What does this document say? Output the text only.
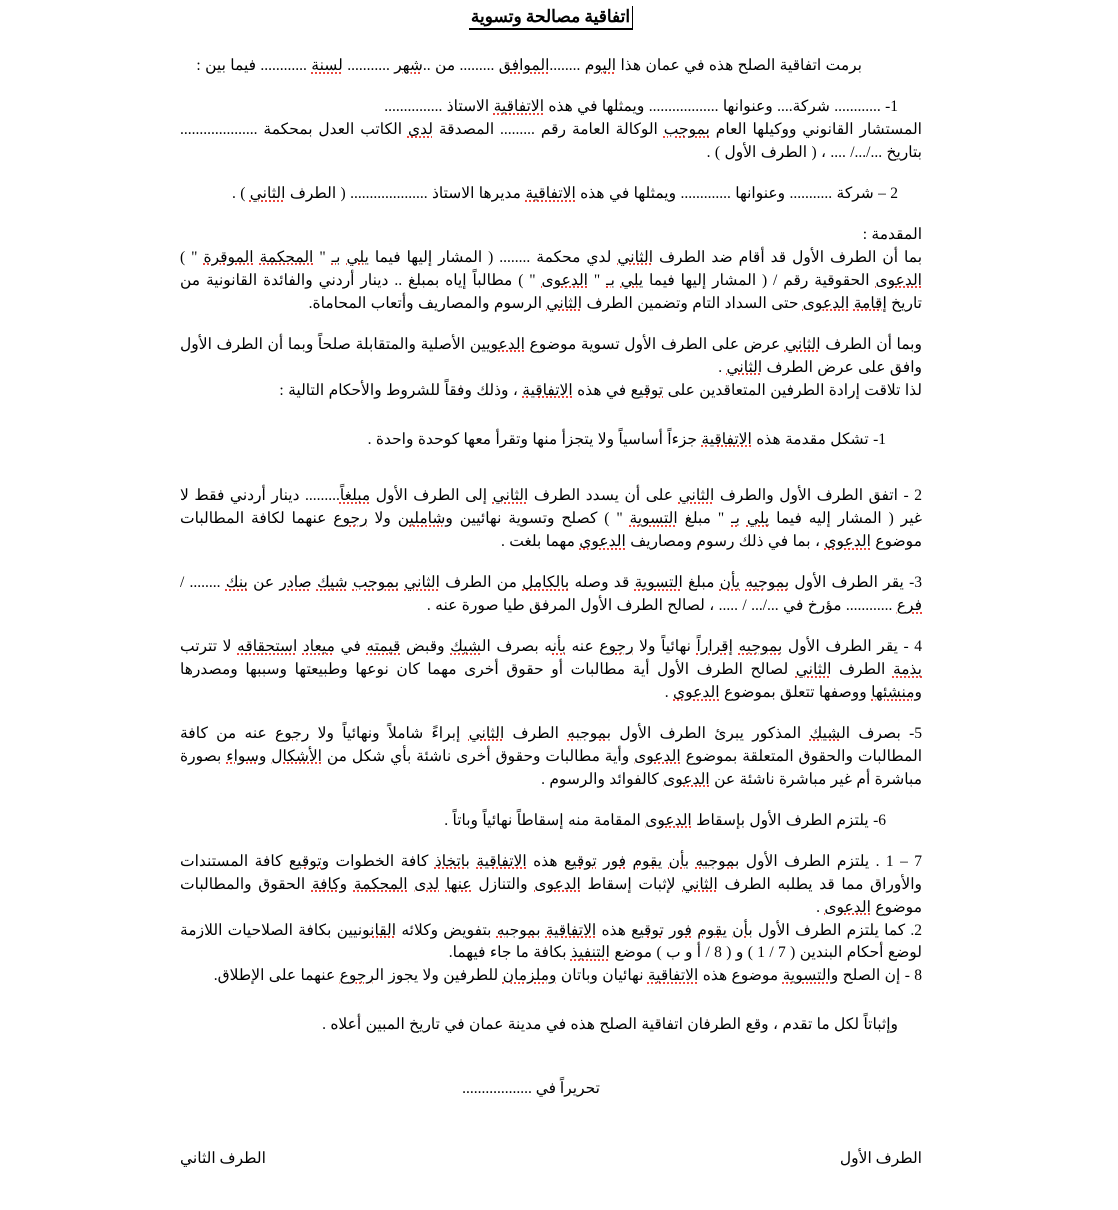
اتفاقية مصالحة وتسوية

برمت اتفاقية الصلح هذه في عمان هذا اليوم ........الموافق ......... من ..شهر ........... لسنة ............ فيما بين :

1- ............ شركة.... وعنوانها .................. ويمثلها في هذه الاتفاقية الاستاذ ...............

المستشار القانوني ووكيلها العام بموجب الوكالة العامة رقم ......... المصدقة لدى الكاتب العدل بمحكمة .................... بتاريخ .../.../ .... ، ( الطرف الأول ) .

2 – شركة ........... وعنوانها ............. ويمثلها في هذه الاتفاقية مديرها الاستاذ .................... ( الطرف الثاني ) .

المقدمة :

بما أن الطرف الأول قد أقام ضد الطرف الثاني لدي محكمة ........ ( المشار إليها فيما يلي بـ " المحكمة الموقرة " ) الدعوى الحقوقية رقم / ( المشار إليها فيما يلي بـ " الدعوى " ) مطالباً إياه بمبلغ .. دينار أردني والفائدة القانونية من تاريخ إقامة الدعوى حتى السداد التام وتضمين الطرف الثاني الرسوم والمصاريف وأتعاب المحاماة.

وبما أن الطرف الثاني عرض على الطرف الأول تسوية موضوع الدعويين الأصلية والمتقابلة صلحاً وبما أن الطرف الأول وافق على عرض الطرف الثاني .

لذا تلاقت إرادة الطرفين المتعاقدين على توقيع في هذه الاتفاقية ، وذلك وفقاً للشروط والأحكام التالية :

1- تشكل مقدمة هذه الاتفاقية جزءاً أساسياً ولا يتجزأ منها وتقرأ معها كوحدة واحدة .

2 - اتفق الطرف الأول والطرف الثاني على أن يسدد الطرف الثاني إلى الطرف الأول مبلغاً......... دينار أردني فقط لا غير ( المشار إليه فيما يلي بـ " مبلغ التسوية " ) كصلح وتسوية نهائيين وشاملين ولا رجوع عنهما لكافة المطالبات موضوع الدعوى ، بما في ذلك رسوم ومصاريف الدعوى مهما بلغت .

3- يقر الطرف الأول بموجبه بأن مبلغ التسوية قد وصله بالكامل من الطرف الثاني بموجب شيك صادر عن بنك ........ / فرع ............ مؤرخ في .../... / ..... ، لصالح الطرف الأول المرفق طيا صورة عنه .

4 - يقر الطرف الأول بموجبه إقراراً نهائياً ولا رجوع عنه بأنه بصرف الشيك وقبض قيمته في ميعاد استحقاقه لا تترتب بذمة الطرف الثاني لصالح الطرف الأول أية مطالبات أو حقوق أخرى مهما كان نوعها وطبيعتها وسببها ومصدرها ومنشئها ووصفها تتعلق بموضوع الدعوى .

5- بصرف الشيك المذكور يبرئ الطرف الأول بموجبه الطرف الثاني إبراءً شاملاً ونهائياً ولا رجوع عنه من كافة المطالبات والحقوق المتعلقة بموضوع الدعوى وأية مطالبات وحقوق أخرى ناشئة بأي شكل من الأشكال وسواء بصورة مباشرة أم غير مباشرة ناشئة عن الدعوى كالفوائد والرسوم .

6- يلتزم الطرف الأول بإسقاط الدعوى المقامة منه إسقاطاً نهائياً وباتاً .

7 – 1 . يلتزم الطرف الأول بموجبه بأن يقوم فور توقيع هذه الاتفاقية باتخاذ كافة الخطوات وتوقيع كافة المستندات والأوراق مما قد يطلبه الطرف الثاني لإثبات إسقاط الدعوى والتنازل عنها لدى المحكمة وكافة الحقوق والمطالبات موضوع الدعوى .

2. كما يلتزم الطرف الأول بأن يقوم فور توقيع هذه الاتفاقية بموجبه بتفويض وكلائه القانونيين بكافة الصلاحيات اللازمة لوضع أحكام البندين ( 7 / 1 ) و ( 8 / أ و ب ) موضع التنفيذ بكافة ما جاء فيهما.

8 - إن الصلح والتسوية موضوع هذه الاتفاقية نهائيان وباتان وملزمان للطرفين ولا يجوز الرجوع عنهما على الإطلاق.

وإثباتاً لكل ما تقدم ، وقع الطرفان اتفاقية الصلح هذه في مدينة عمان في تاريخ المبين أعلاه .

تحريراً في ..................

الطرف الأول
الطرف الثاني
